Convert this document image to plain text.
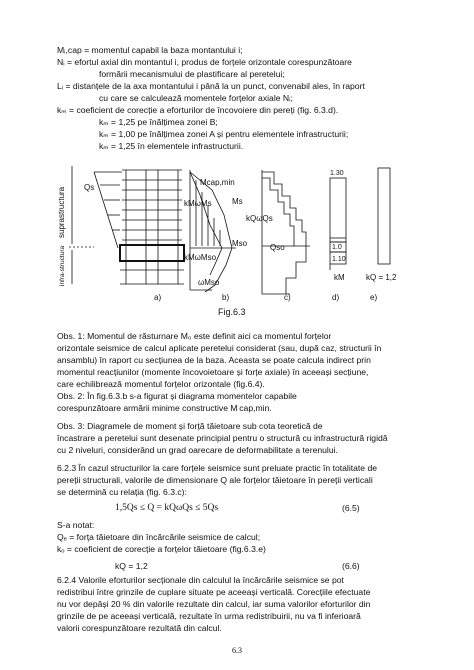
Mᵢ,cap = momentul capabil la baza montantului i;
Nᵢ = efortul axial din montantul i, produs de forțele orizontale corespunzătoare
formării mecanismului de plastificare al peretelui;
Lᵢ = distanțele de la axa montantului i până la un punct, convenabil ales, în raport
cu care se calculează momentele forțelor axiale Nᵢ;
kₘ = coeficient de corecție a eforturilor de încovoiere din pereți (fig. 6.3.d).
kₘ = 1,25 pe înălțimea zonei B;
kₘ = 1,00 pe înălțimea zonei A și pentru elementele infrastructurii;
kₘ = 1,25 în elementele infrastructurii.
suprastructura
infra-structura
Qs
Mcap,min
kMωMs
kMωMso
Ms
Mso
ωMso
kQωQs
Qso
1.30
1.0
1.10
kM	kQ = 1,2
a)	b)	c)	d)	e)
Fig.6.3
Obs. 1: Momentul de răsturnare M₀ este definit aici ca momentul forțelor
orizontale seismice de calcul aplicate peretelui considerat (sau, după caz, structurii în
ansamblu) în raport cu secțiunea de la baza. Aceasta se poate calcula indirect prin
momentul reacțiunilor (momente încovoietoare și forțe axiale) în aceeași secțiune,
care echilibrează momentul forțelor orizontale (fig.6.4).
Obs. 2: În fig.6.3.b s-a figurat și diagrama momentelor capabile
corespunzătoare armării minime constructive M cap,min.
Obs. 3: Diagramele de moment și forță tăietoare sub cota teoretică de
încastrare a peretelui sunt desenate principial pentru o structură cu infrastructură rigidă
cu 2 niveluri, considerând un grad oarecare de deformabilitate a terenului.
6.2.3 În cazul structurilor la care forțele seismice sunt preluate practic în totalitate de
pereții structurali, valorile de dimensionare Q ale forțelor tăietoare în pereții verticali
se determină cu relația (fig. 6.3.c):
1,5Qs ≤ Q = kQωQs ≤ 5Qs	(6.5)
S-a notat:
Qₑ = forța tăietoare din încărcările seismice de calcul;
kₒ = coeficient de corecție a forțelor tăietoare (fig.6.3.e)
kQ = 1,2	(6.6)
6.2.4 Valorile eforturilor secționale din calculul la încărcările seismice se pot
redistribui între grinzile de cuplare situate pe aceeași verticală. Corecțiile efectuate
nu vor depăși 20 % din valorile rezultate din calcul, iar suma valorilor eforturilor din
grinzile de pe aceeași verticală, rezultate în urma redistribuirii, nu va fi inferioară
valorii corespunzătoare rezultată din calcul.
6.3
